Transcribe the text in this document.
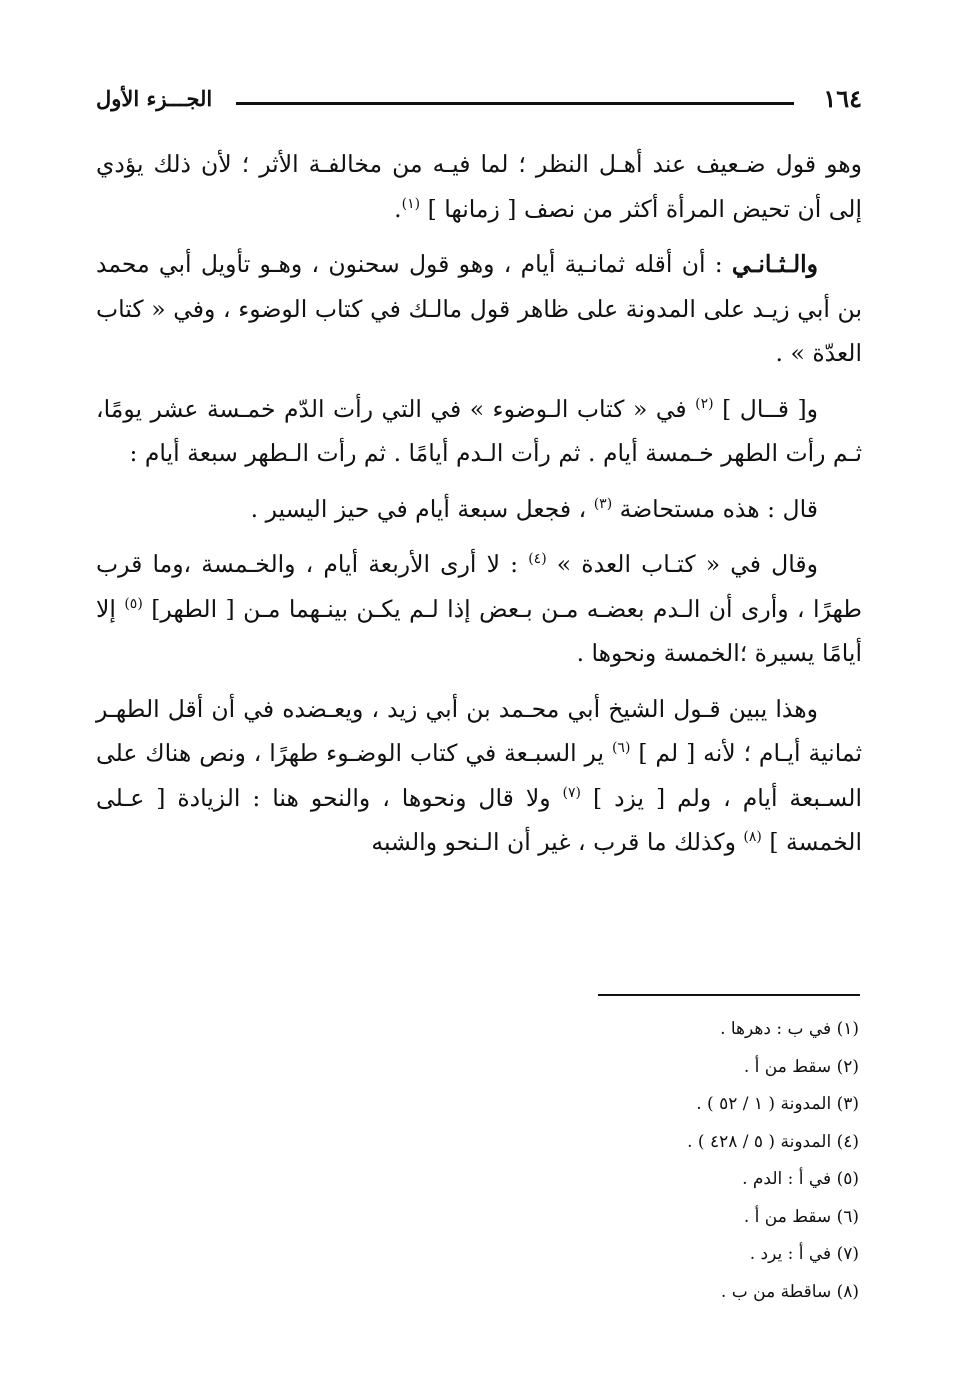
١٦٤
الجـــزء الأول

وهو قول ضـعيف عند أهـل النظر ؛ لما فيـه من مخالفـة الأثر ؛ لأن ذلك يؤدي إلى أن تحيض المرأة أكثر من نصف [ زمانها ] $^{(١)}$.

والـثـانـي : أن أقله ثمانـية أيام ، وهو قول سحنون ، وهـو تأويل أبي محمد بن أبي زيـد على المدونة على ظاهر قول مالـك في كتاب الوضوء ، وفي « كتاب العدّة » .

و[ قــال ] $^{(٢)}$ في « كتاب الـوضوء » في التي رأت الدّم خمـسة عشر يومًا، ثـم رأت الطهر خـمسة أيام . ثم رأت الـدم أيامًا . ثم رأت الـطهر سبعة أيام :

قال : هذه مستحاضة $^{(٣)}$ ، فجعل سبعة أيام في حيز اليسير .

وقال في « كتـاب العدة » $^{(٤)}$ : لا أرى الأربعة أيام ، والخـمسة ،وما قرب طهرًا ، وأرى أن الـدم بعضـه مـن بـعض إذا لـم يكـن بينـهما مـن [ الطهر] $^{(٥)}$ إلا أيامًا يسيرة ؛الخمسة ونحوها .

وهذا يبين قـول الشيخ أبي محـمد بن أبي زيد ، ويعـضده في أن أقل الطهـر ثمانية أيـام ؛ لأنه [ لم ] $^{(٦)}$ ير السبـعة في كتاب الوضـوء طهرًا ، ونص هناك على السـبعة أيام ، ولم [ يزد ] $^{(٧)}$ ولا قال ونحوها ، والنحو هنا : الزيادة [ عـلى الخمسة ] $^{(٨)}$ وكذلك ما قرب ، غير أن الـنحو والشبه

(١) في ب : دهرها .
(٢) سقط من أ .
(٣) المدونة ( ١ / ٥٢ ) .
(٤) المدونة ( ٥ / ٤٢٨ ) .
(٥) في أ : الدم .
(٦) سقط من أ .
(٧) في أ : يرد .
(٨) ساقطة من ب .
